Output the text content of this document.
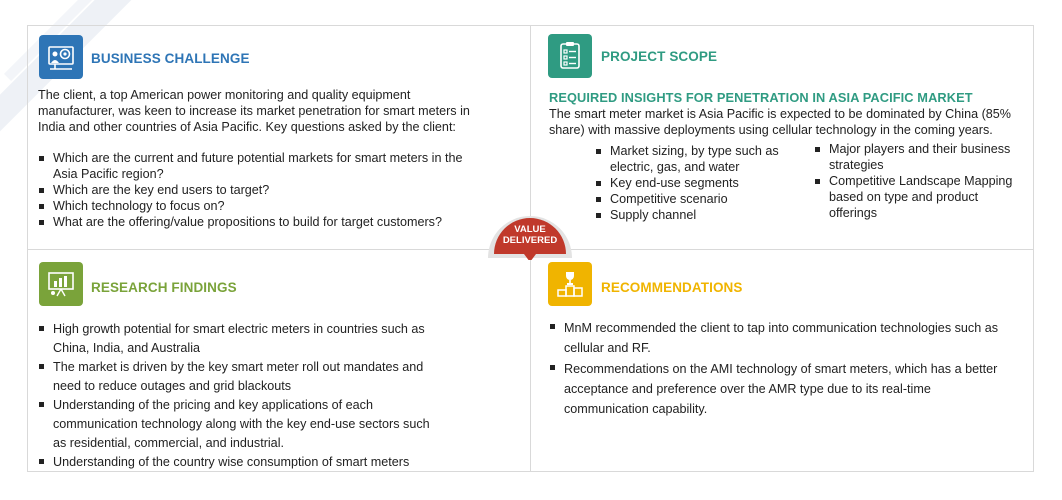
BUSINESS CHALLENGE
The client, a top American power monitoring and quality equipment manufacturer, was keen to increase its market penetration for smart meters in India and other countries of Asia Pacific. Key questions asked by the client:
Which are the current and future potential markets for smart meters in the Asia Pacific region?
Which are the key end users to target?
Which technology to focus on?
What are the offering/value propositions to build for target customers?
PROJECT SCOPE
REQUIRED INSIGHTS FOR PENETRATION IN ASIA PACIFIC MARKET
The smart meter market is Asia Pacific is expected to be dominated by China (85% share) with massive deployments using cellular technology in the coming years.
Market sizing, by type such as electric, gas, and water
Key end-use segments
Competitive scenario
Supply channel
Major players and their business strategies
Competitive Landscape Mapping based on type and product offerings
VALUE
DELIVERED
RESEARCH FINDINGS
High growth potential for smart electric meters in countries such as China, India, and Australia
The market is driven by the key smart meter roll out mandates and need to reduce outages and grid blackouts
Understanding of the pricing and key applications of each communication technology along with the key end-use sectors such as residential, commercial, and industrial.
Understanding of the country wise consumption of smart meters
RECOMMENDATIONS
MnM recommended the client to tap into communication technologies such as cellular and RF.
Recommendations on the AMI technology of smart meters, which has a better acceptance and preference over the AMR type due to its real-time communication capability.
